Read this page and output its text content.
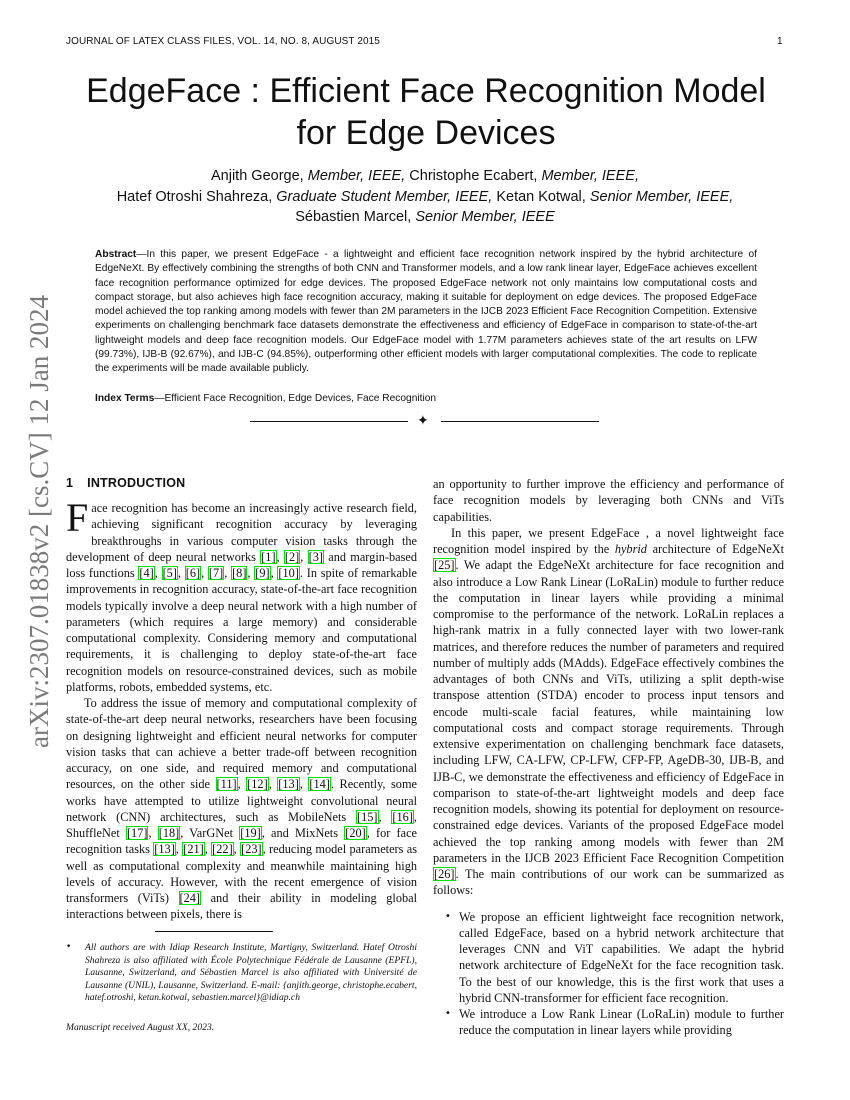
JOURNAL OF LATEX CLASS FILES, VOL. 14, NO. 8, AUGUST 2015	1
arXiv:2307.01838v2 [cs.CV] 12 Jan 2024
EdgeFace : Efficient Face Recognition Model for Edge Devices
Anjith George, Member, IEEE, Christophe Ecabert, Member, IEEE,
Hatef Otroshi Shahreza, Graduate Student Member, IEEE, Ketan Kotwal, Senior Member, IEEE,
Sébastien Marcel, Senior Member, IEEE
Abstract—In this paper, we present EdgeFace - a lightweight and efficient face recognition network inspired by the hybrid architecture of EdgeNeXt. By effectively combining the strengths of both CNN and Transformer models, and a low rank linear layer, EdgeFace achieves excellent face recognition performance optimized for edge devices. The proposed EdgeFace network not only maintains low computational costs and compact storage, but also achieves high face recognition accuracy, making it suitable for deployment on edge devices. The proposed EdgeFace model achieved the top ranking among models with fewer than 2M parameters in the IJCB 2023 Efficient Face Recognition Competition. Extensive experiments on challenging benchmark face datasets demonstrate the effectiveness and efficiency of EdgeFace in comparison to state-of-the-art lightweight models and deep face recognition models. Our EdgeFace model with 1.77M parameters achieves state of the art results on LFW (99.73%), IJB-B (92.67%), and IJB-C (94.85%), outperforming other efficient models with larger computational complexities. The code to replicate the experiments will be made available publicly.
Index Terms—Efficient Face Recognition, Edge Devices, Face Recognition
✦
1 INTRODUCTION

Face recognition has become an increasingly active research field, achieving significant recognition accuracy by leveraging breakthroughs in various computer vision tasks through the development of deep neural networks [1], [2], [3] and margin-based loss functions [4], [5], [6], [7], [8], [9], [10]. In spite of remarkable improvements in recognition accuracy, state-of-the-art face recognition models typically involve a deep neural network with a high number of parameters (which requires a large memory) and considerable computational complexity. Considering memory and computational requirements, it is challenging to deploy state-of-the-art face recognition models on resource-constrained devices, such as mobile platforms, robots, embedded systems, etc.

To address the issue of memory and computational complexity of state-of-the-art deep neural networks, researchers have been focusing on designing lightweight and efficient neural networks for computer vision tasks that can achieve a better trade-off between recognition accuracy, on one side, and required memory and computational resources, on the other side [11], [12], [13], [14]. Recently, some works have attempted to utilize lightweight convolutional neural network (CNN) architectures, such as MobileNets [15], [16], ShuffleNet [17], [18], VarGNet [19], and MixNets [20], for face recognition tasks [13], [21], [22], [23], reducing model parameters as well as computational complexity and meanwhile maintaining high levels of accuracy. However, with the recent emergence of vision transformers (ViTs) [24] and their ability in modeling global interactions between pixels, there is

• All authors are with Idiap Research Institute, Martigny, Switzerland. Hatef Otroshi Shahreza is also affiliated with École Polytechnique Fédérale de Lausanne (EPFL), Lausanne, Switzerland, and Sébastien Marcel is also affiliated with Université de Lausanne (UNIL), Lausanne, Switzerland. E-mail: {anjith.george, christophe.ecabert, hatef.otroshi, ketan.kotwal, sebastien.marcel}@idiap.ch
Manuscript received August XX, 2023.

an opportunity to further improve the efficiency and performance of face recognition models by leveraging both CNNs and ViTs capabilities.

In this paper, we present EdgeFace , a novel lightweight face recognition model inspired by the hybrid architecture of EdgeNeXt [25]. We adapt the EdgeNeXt architecture for face recognition and also introduce a Low Rank Linear (LoRaLin) module to further reduce the computation in linear layers while providing a minimal compromise to the performance of the network. LoRaLin replaces a high-rank matrix in a fully connected layer with two lower-rank matrices, and therefore reduces the number of parameters and required number of multiply adds (MAdds). EdgeFace effectively combines the advantages of both CNNs and ViTs, utilizing a split depth-wise transpose attention (STDA) encoder to process input tensors and encode multi-scale facial features, while maintaining low computational costs and compact storage requirements. Through extensive experimentation on challenging benchmark face datasets, including LFW, CA-LFW, CP-LFW, CFP-FP, AgeDB-30, IJB-B, and IJB-C, we demonstrate the effectiveness and efficiency of EdgeFace in comparison to state-of-the-art lightweight models and deep face recognition models, showing its potential for deployment on resource-constrained edge devices. Variants of the proposed EdgeFace model achieved the top ranking among models with fewer than 2M parameters in the IJCB 2023 Efficient Face Recognition Competition [26]. The main contributions of our work can be summarized as follows:

• We propose an efficient lightweight face recognition network, called EdgeFace, based on a hybrid network architecture that leverages CNN and ViT capabilities. We adapt the hybrid network architecture of EdgeNeXt for the face recognition task. To the best of our knowledge, this is the first work that uses a hybrid CNN-transformer for efficient face recognition.
• We introduce a Low Rank Linear (LoRaLin) module to further reduce the computation in linear layers while providing
